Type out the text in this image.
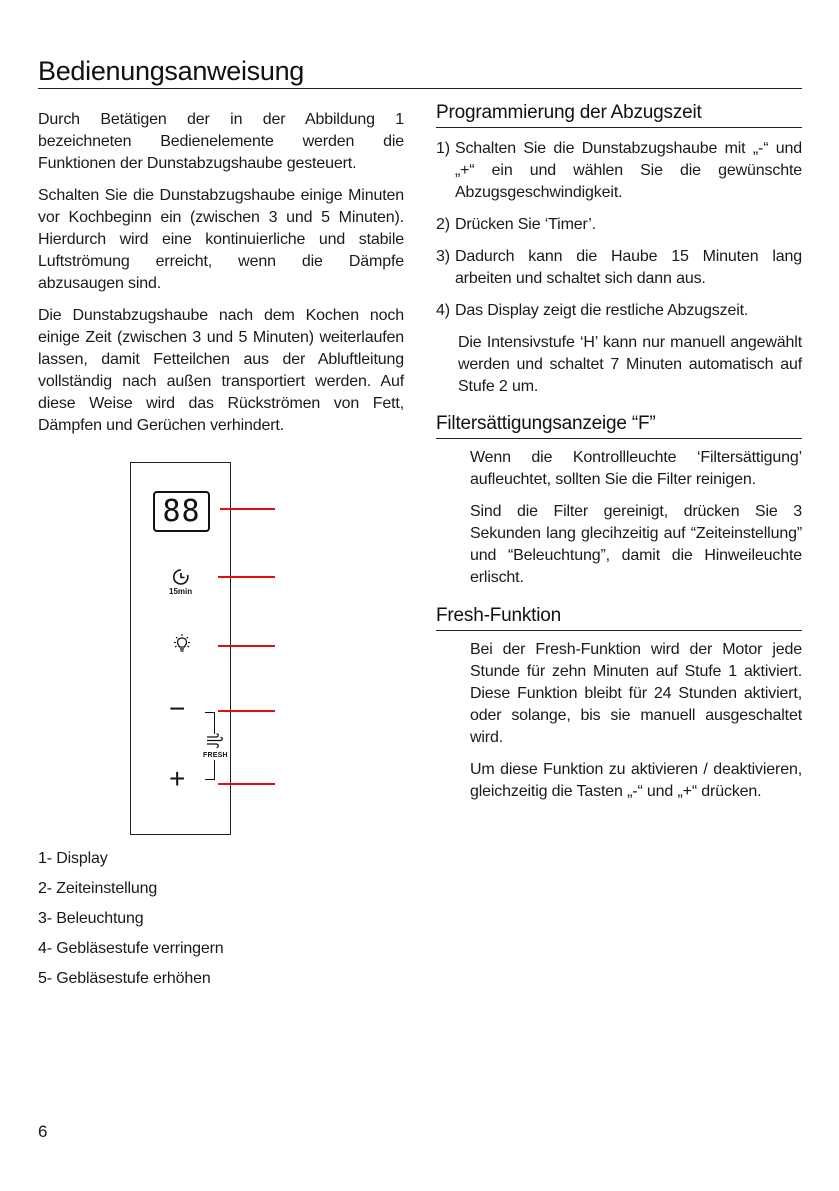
Bedienungsanweisung

Durch Betätigen der in der Abbildung 1 bezeichneten Bedienelemente werden die Funktionen der Dunstabzugshaube gesteuert.

Schalten Sie die Dunstabzugshaube einige Minuten vor Kochbeginn ein (zwischen 3 und 5 Minuten). Hierdurch wird eine kontinuierliche und stabile Luftströmung erreicht, wenn die Dämpfe abzusaugen sind.

Die Dunstabzugshaube nach dem Kochen noch einige Zeit (zwischen 3 und 5 Minuten) weiterlaufen lassen, damit Fetteilchen aus der Abluftleitung vollständig nach außen transportiert werden. Auf diese Weise wird das Rückströmen von Fett, Dämpfen und Gerüchen verhindert.

88
15min
−
FRESH
+
1- Display
2- Zeiteinstellung
3- Beleuchtung
4- Gebläsestufe verringern
5- Gebläsestufe erhöhen
Programmierung der Abzugszeit
1) Schalten Sie die Dunstabzugshaube mit „-“ und „+“ ein und wählen Sie die gewünschte Abzugsgeschwindigkeit.
2) Drücken Sie ‘Timer’.
3) Dadurch kann die Haube 15 Minuten lang arbeiten und schaltet sich dann aus.
4) Das Display zeigt die restliche Abzugszeit.

Die Intensivstufe ‘H’ kann nur manuell angewählt werden und schaltet 7 Minuten automatisch auf Stufe 2 um.

Filtersättigungsanzeige “F”

Wenn die Kontrollleuchte ‘Filtersättigung’ aufleuchtet, sollten Sie die Filter reinigen.

Sind die Filter gereinigt, drücken Sie 3 Sekunden lang glecihzeitig auf “Zeiteinstellung” und “Beleuchtung”, damit die Hinweileuchte erlischt.

Fresh-Funktion

Bei der Fresh-Funktion wird der Motor jede Stunde für zehn Minuten auf Stufe 1 aktiviert. Diese Funktion bleibt für 24 Stunden aktiviert, oder solange, bis sie manuell ausgeschaltet wird.

Um diese Funktion zu aktivieren / deaktivieren, gleichzeitig die Tasten „-“ und „+“ drücken.

6
